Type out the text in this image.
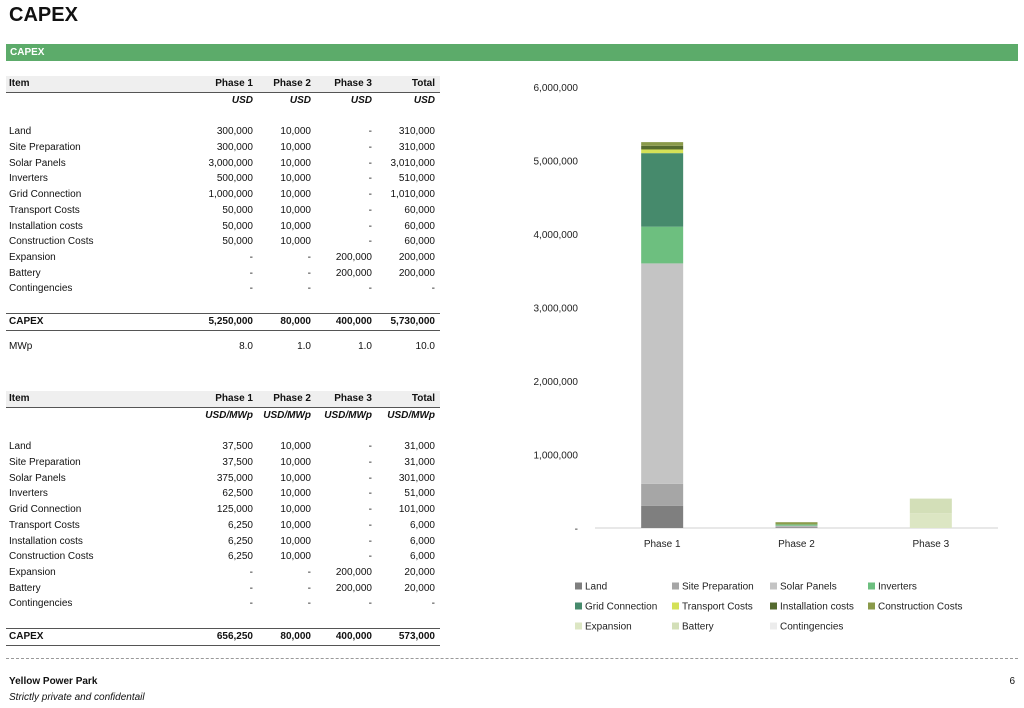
CAPEX
CAPEX
Item	Phase 1 Phase 2 Phase 3	Total
USD	USD	USD	USD
Land	300,000	10,000	-	310,000
Site Preparation	300,000	10,000	-	310,000
Solar Panels	3,000,000	10,000	- 3,010,000
Inverters	500,000	10,000	-	510,000
Grid Connection	1,000,000	10,000	- 1,010,000
Transport Costs	50,000	10,000	-	60,000
Installation costs	50,000	10,000	-	60,000
Construction Costs	50,000	10,000	-	60,000
Expansion	-	- 200,000	200,000
Battery	-	- 200,000	200,000
Contingencies	-	-	-	-
CAPEX	5,250,000	80,000 400,000 5,730,000
MWp	8.0	1.0	1.0	10.0
Item	Phase 1 Phase 2 Phase 3	Total
USD/MWp USD/MWp USD/MWp USD/MWp
Land	37,500	10,000	-	31,000
Site Preparation	37,500	10,000	-	31,000
Solar Panels	375,000	10,000	-	301,000
Inverters	62,500	10,000	-	51,000
Grid Connection	125,000	10,000	-	101,000
Transport Costs	6,250	10,000	-	6,000
Installation costs	6,250	10,000	-	6,000
Construction Costs	6,250	10,000	-	6,000
Expansion	-	- 200,000	20,000
Battery	-	- 200,000	20,000
Contingencies	-	-	-	-
CAPEX	656,250	80,000 400,000	573,000
-
1,000,000
2,000,000
3,000,000
4,000,000
5,000,000
6,000,000
Phase 1	Phase 2	Phase 3
Land	Site Preparation	Solar Panels	Inverters
Grid Connection Transport Costs	Installation costs Construction Costs
Expansion	Battery	Contingencies
Yellow Power Park
Strictly private and confidentail
6
